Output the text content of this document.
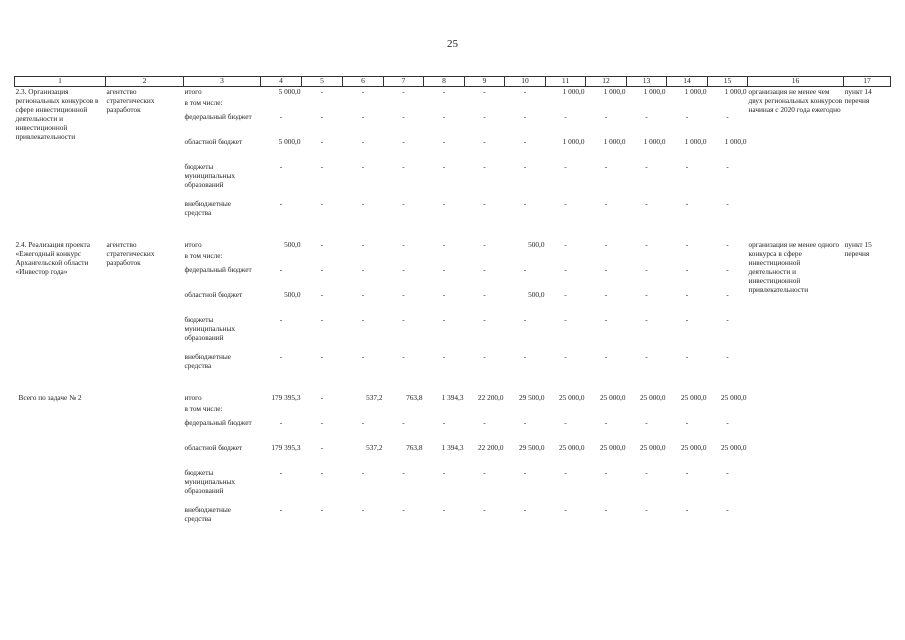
25
1	2	3	4	5	6	7	8	9	10	11	12	13	14	15	16	17
2.3. Организация региональных конкурсов в сфере инвестиционной деятельности и инвестиционной привлекательности	агентство стратегических разработок	итого	5 000,0	-	-	-	-	-	-	1 000,0	1 000,0	1 000,0	1 000,0	1 000,0	организация не менее чем двух региональных конкурсов начиная с 2020 года ежегодно	пункт 14 перечня
		в том числе:														
		федеральный бюджет	-	-	-	-	-	-	-	-	-	-	-	-		
		областной бюджет	5 000,0	-	-	-	-	-	-	1 000,0	1 000,0	1 000,0	1 000,0	1 000,0		
		бюджеты муниципальных образований	-	-	-	-	-	-	-	-	-	-	-	-		
		внебюджетные средства	-	-	-	-	-	-	-	-	-	-	-	-		

2.4. Реализация проекта «Ежегодный конкурс Архангельской области «Инвестор года»	агентство стратегических разработок	итого	500,0	-	-	-	-	-	500,0	-	-	-	-	-	организация не менее одного конкурса в сфере инвестиционной деятельности и инвестиционной привлекательности	пункт 15 перечня
		в том числе:														
		федеральный бюджет	-	-	-	-	-	-	-	-	-	-	-	-		
		областной бюджет	500,0	-	-	-	-	-	500,0	-	-	-	-	-		
		бюджеты муниципальных образований	-	-	-	-	-	-	-	-	-	-	-	-		
		внебюджетные средства	-	-	-	-	-	-	-	-	-	-	-	-		

Всего по задаче № 2		итого	179 395,3	-	537,2	763,8	1 394,3	22 200,0	29 500,0	25 000,0	25 000,0	25 000,0	25 000,0	25 000,0		
		в том числе:														
		федеральный бюджет	-	-	-	-	-	-	-	-	-	-	-	-		
		областной бюджет	179 395,3	-	537,2	763,8	1 394,3	22 200,0	29 500,0	25 000,0	25 000,0	25 000,0	25 000,0	25 000,0		
		бюджеты муниципальных образований	-	-	-	-	-	-	-	-	-	-	-	-		
		внебюджетные средства	-	-	-	-	-	-	-	-	-	-	-	-		
